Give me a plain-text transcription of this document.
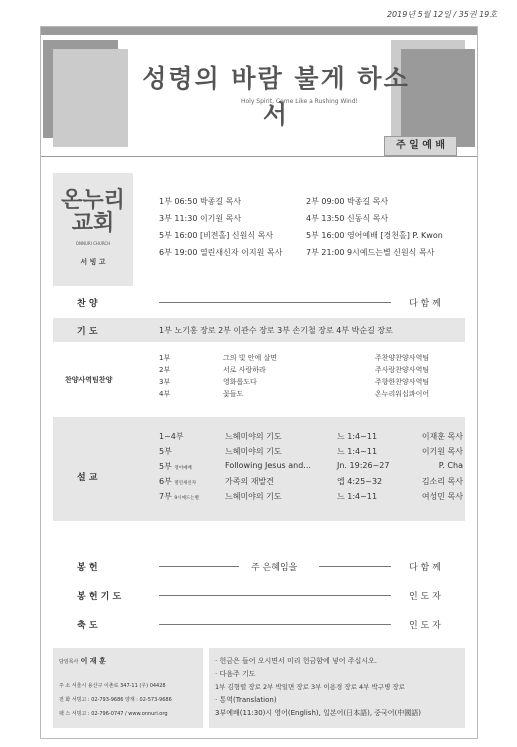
2019년 5월 12일 / 35권 19호
성령의 바람 불게 하소서
Holy Spirit, Come Like a Rushing Wind!
주 일 예 배
온누리
교회
ONNURI CHURCH
서 빙 고
1부 06:50 박종길 목사	2부 09:00 박종길 목사
3부 11:30 이기원 목사	4부 13:50 신동식 목사
5부 16:00 [비전홀] 신원식 목사	5부 16:00 영어예배 [경천홀] P. Kwon
6부 19:00 열린새신자 이지원 목사	7부 21:00 9시예드는별 신원식 목사
찬 양	다 함 께
기 도	1부 노기홍 장로 2부 이관수 장로 3부 손기철 장로 4부 박순길 장로
찬양사역팀찬양
1부	그의 빛 안에 살면	주찬양찬양사역팀
2부	서로 사랑하라	주사랑찬양사역팀
3부	영화롭도다	주향한찬양사역팀
4부	꽃들도	온누리워십콰이어
설 교
1~4부	느헤미야의 기도	느 1:4~11	이재훈 목사
5부	느헤미야의 기도	느 1:4~11	이기원 목사
5부 영어예배	Following Jesus and...	Jn. 19:26~27	P. Cha
6부 열린새신자	가족의 재발견	엡 4:25~32	김소리 목사
7부 9시예드는별	느헤미야의 기도	느 1:4~11	여성민 목사
봉 헌	주 은혜임을	다 함 께
봉 헌 기 도	인 도 자
축 도	인 도 자
담임목사 이 재 훈
주 소 서울시 용산구 이촌로 347-11 (우) 04428
전 화 서빙고 : 02-793-9686 양재 : 02-573-9686
팩 스 서빙고 : 02-796-0747 / www.onnuri.org
· 헌금은 들어 오시면서 미리 헌금함에 넣어 주십시오.
· 다음주 기도
1부 김형렬 장로 2부 박일면 장로 3부 이용경 장로 4부 박구병 장로
· 통역(Translation)
3부예배(11:30)시 영어(English), 일본어(日本語), 중국어(中國語)
